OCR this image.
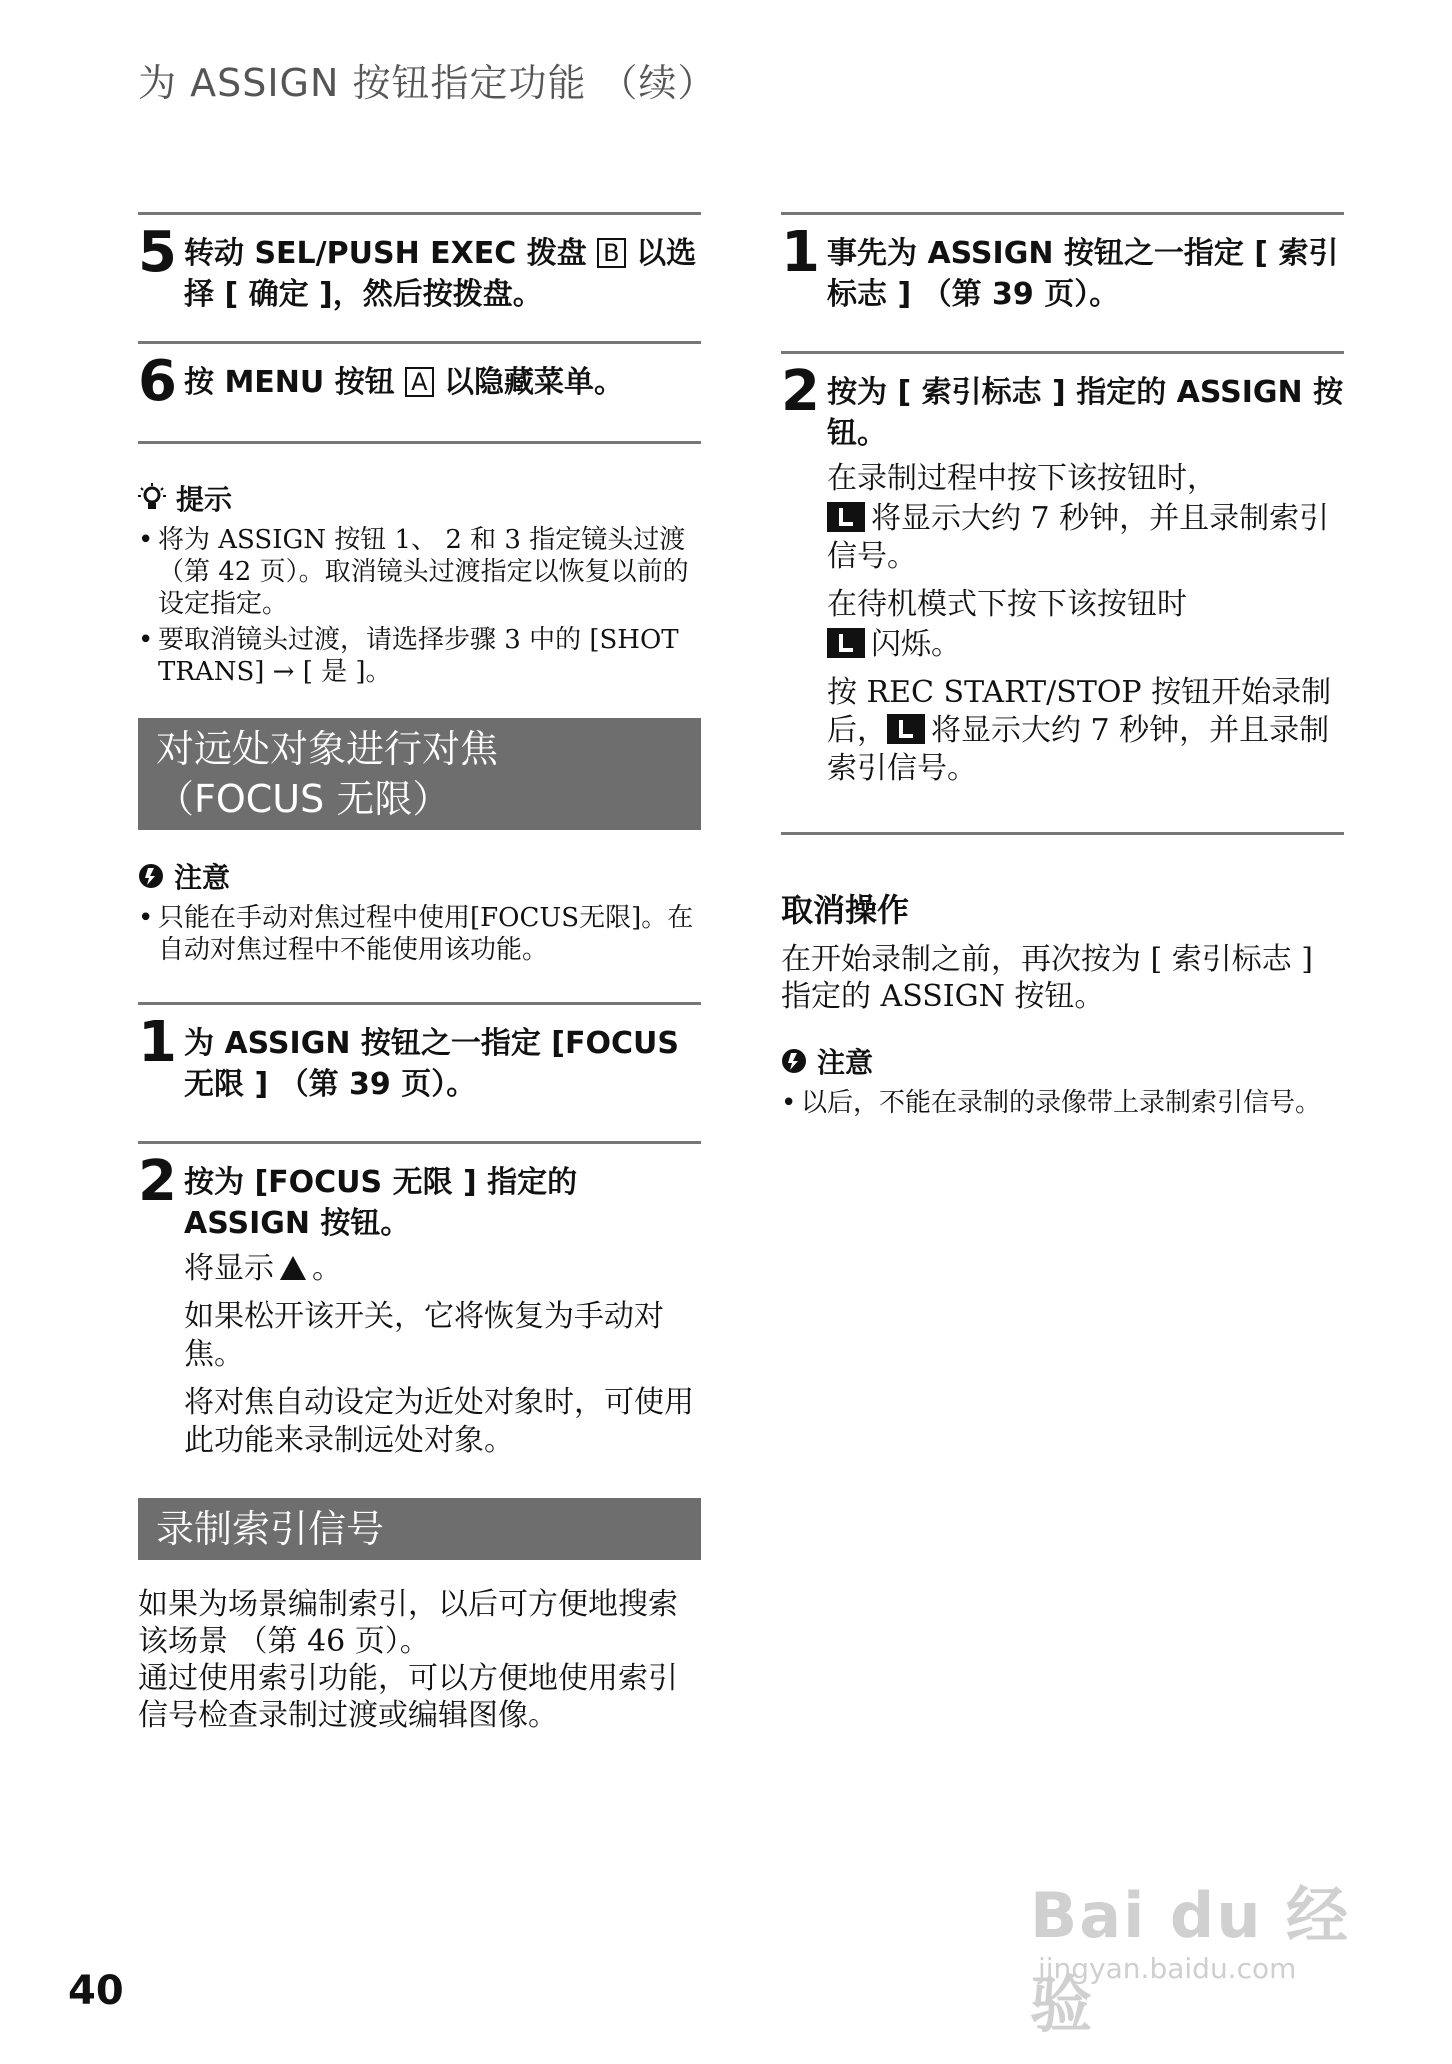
为 ASSIGN 按钮指定功能 （续）
5 转动 SEL/PUSH EXEC 拨盘 B 以选择 [ 确定 ]，然后按拨盘。
6 按 MENU 按钮 A 以隐藏菜单。
提示
• 将为 ASSIGN 按钮 1、 2 和 3 指定镜头过渡（第 42 页）。取消镜头过渡指定以恢复以前的设定指定。
• 要取消镜头过渡，请选择步骤 3 中的 [SHOT TRANS] → [ 是 ]。
对远处对象进行对焦
（FOCUS 无限）
注意
• 只能在手动对焦过程中使用[FOCUS无限]。在自动对焦过程中不能使用该功能。
1 为 ASSIGN 按钮之一指定 [FOCUS 无限 ] （第 39 页）。
2 按为 [FOCUS 无限 ] 指定的 ASSIGN 按钮。

将显示 。

如果松开该开关，它将恢复为手动对焦。

将对焦自动设定为近处对象时，可使用此功能来录制远处对象。

录制索引信号

如果为场景编制索引，以后可方便地搜索该场景 （第 46 页）。

通过使用索引功能，可以方便地使用索引信号检查录制过渡或编辑图像。

1 事先为 ASSIGN 按钮之一指定 [ 索引标志 ] （第 39 页）。
2 按为 [ 索引标志 ] 指定的 ASSIGN 按钮。

在录制过程中按下该按钮时，

将显示大约 7 秒钟，并且录制索引信号。

在待机模式下按下该按钮时

闪烁。

按 REC START/STOP 按钮开始录制后， 将显示大约 7 秒钟，并且录制索引信号。

取消操作
在开始录制之前，再次按为 [ 索引标志 ] 指定的 ASSIGN 按钮。
注意
• 以后，不能在录制的录像带上录制索引信号。
40
Bai du 经验
jingyan.baidu.com
